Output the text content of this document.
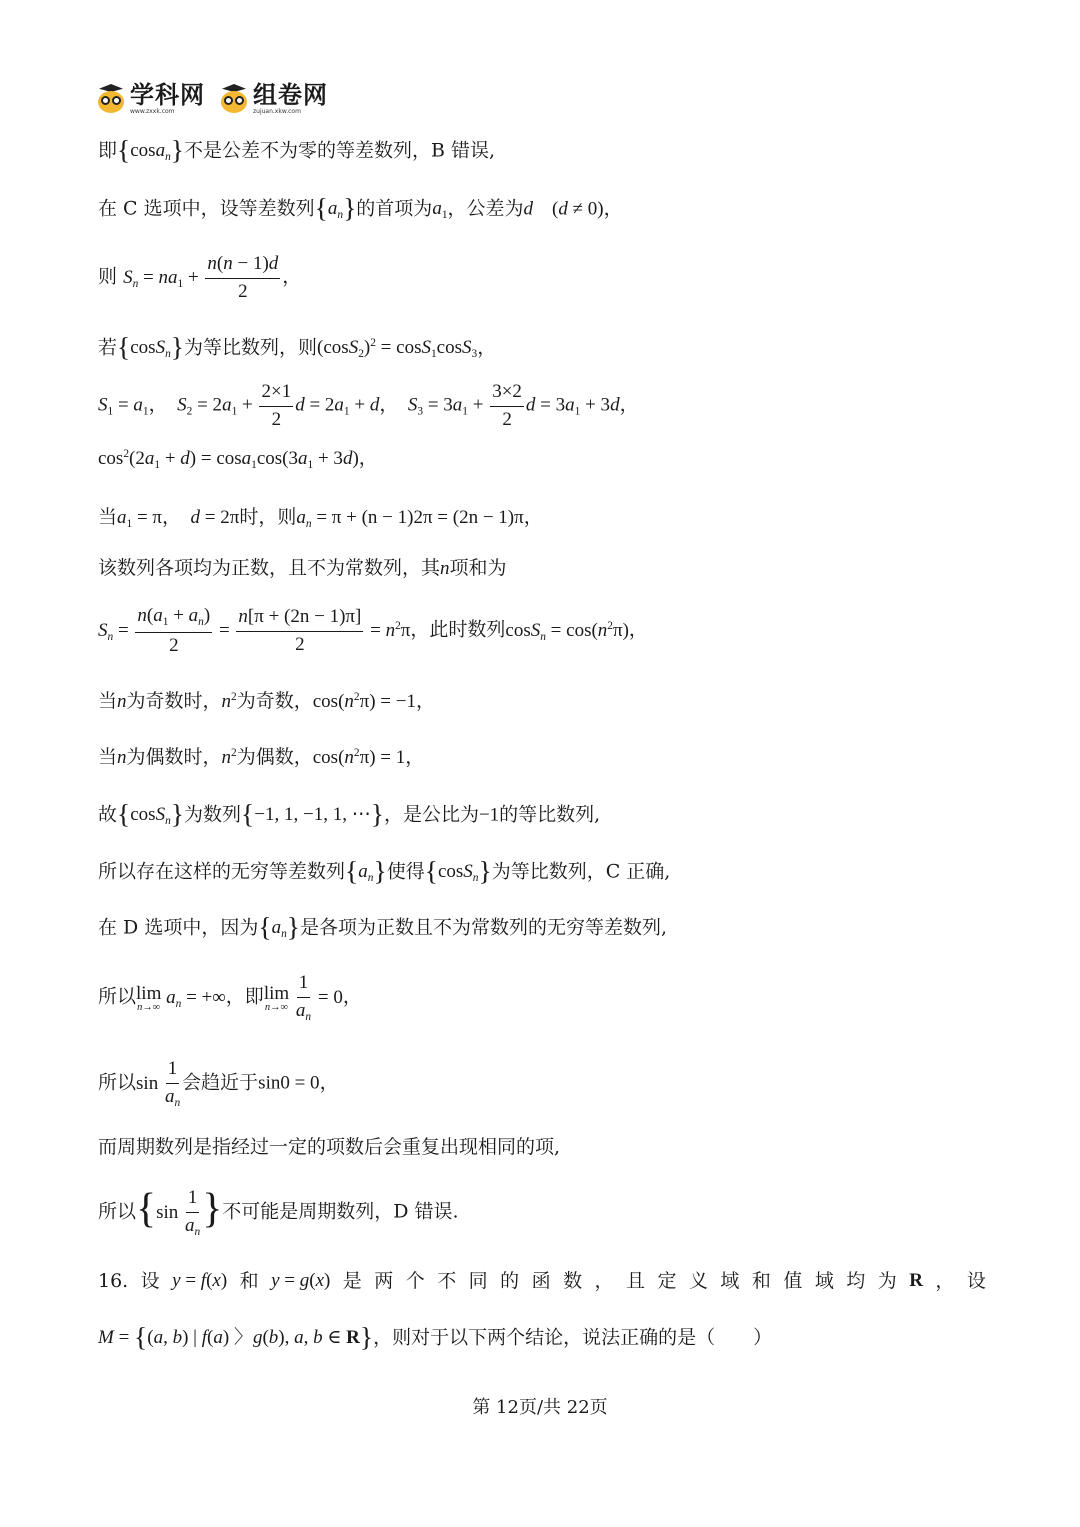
学科网
www.zxxk.com
组卷网
zujuan.xkw.com
即{cosa$_n$}不是公差不为零的等差数列，B 错误,
在 C 选项中，设等差数列$\{a_n\}$的首项为$a_1$，公差为d　(d ≠ 0)，
则 $S_n = na_1 + \frac{n(n - 1)d}{2}$ ，
若{cosS$_n$}为等比数列，则$(\cos S_2)^2 = \cos S_1\cos S_3$，
$S_1 = a_1$，　$S_2 = 2a_1 + \frac{2\times 1}{2}$ $d = 2a_1 + d$，　$S_3 = 3a_1 + \frac{3\times 2}{2}$ $d = 3a_1 + 3d$，
$\cos^2(2a_1 + d) = \cos a_1\cos(3a_1 + 3d)$，
当$a_1 = \pi$，　d = 2π时，则$a_n = \pi + (n - 1)2\pi = (2n - 1)\pi$，
该数列各项均为正数，且不为常数列，其n项和为
$S_n = \frac{n(a_1 + a_n)}{2} = \frac{n[\pi + (2n - 1)\pi]}{2} = n^2\pi$，此时数列$\cos S_n = \cos(n^2\pi)$，
当n为奇数时，$n^2$为奇数，$\cos(n^2\pi) = -1$，
当n为偶数时，$n^2$为偶数，$\cos(n^2\pi) = 1$，
故{cosS$_n$}为数列{−1, 1, −1, 1, ⋯}，是公比为−1的等比数列,
所以存在这样的无穷等差数列$\{a_n\}$使得{cosS$_n$}为等比数列，C 正确,
在 D 选项中，因为$\{a_n\}$是各项为正数且不为常数列的无穷等差数列,
所以 lim
n→∞ $a_n$ = +∞，即 lim
n→∞
$\frac{1}{a_n} = 0$，
所以$\sin \frac{1}{a_n}$ 会趋近于sin0 = 0，
而周期数列是指经过一定的项数后会重复出现相同的项,
所以{$\sin \frac{1}{a_n}$ }不可能是周期数列，D 错误.
16. 设 y = f(x) 和 y = g(x) 是 两 个 不 同 的 函 数 ， 且 定 义 域 和 值 域 均 为 R ， 设
M = {(a, b) | f(a) 〉g(b), a, b ∈ R}，则对于以下两个结论，说法正确的是（　　）
第 12页/共 22页
